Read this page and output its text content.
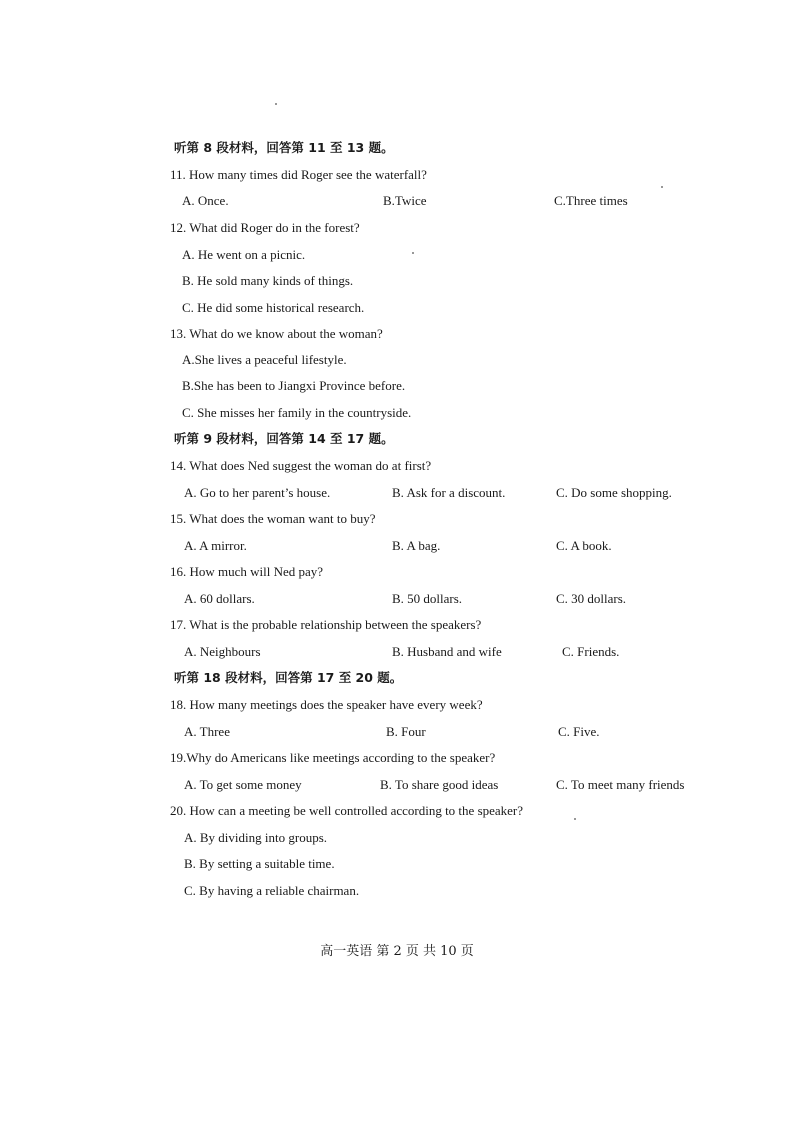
听第 8 段材料，回答第 11 至 13 题。
11. How many times did Roger see the waterfall?
A. Once.	B.Twice	C.Three times
12. What did Roger do in the forest?
A. He went on a picnic.
B. He sold many kinds of things.
C. He did some historical research.
13. What do we know about the woman?
A.She lives a peaceful lifestyle.
B.She has been to Jiangxi Province before.
C. She misses her family in the countryside.
听第 9 段材料，回答第 14 至 17 题。
14. What does Ned suggest the woman do at first?
A. Go to her parent’s house.	B. Ask for a discount.	C. Do some shopping.
15. What does the woman want to buy?
A. A mirror.	B. A bag.	C. A book.
16. How much will Ned pay?
A. 60 dollars.	B. 50 dollars.	C. 30 dollars.
17. What is the probable relationship between the speakers?
A. Neighbours	B. Husband and wife	C. Friends.
听第 18 段材料，回答第 17 至 20 题。
18. How many meetings does the speaker have every week?
A. Three	B. Four	C. Five.
19.Why do Americans like meetings according to the speaker?
A. To get some money	B. To share good ideas	C. To meet many friends
20. How can a meeting be well controlled according to the speaker?
A. By dividing into groups.
B. By setting a suitable time.
C. By having a reliable chairman.
高一英语 第 2 页 共 10 页
